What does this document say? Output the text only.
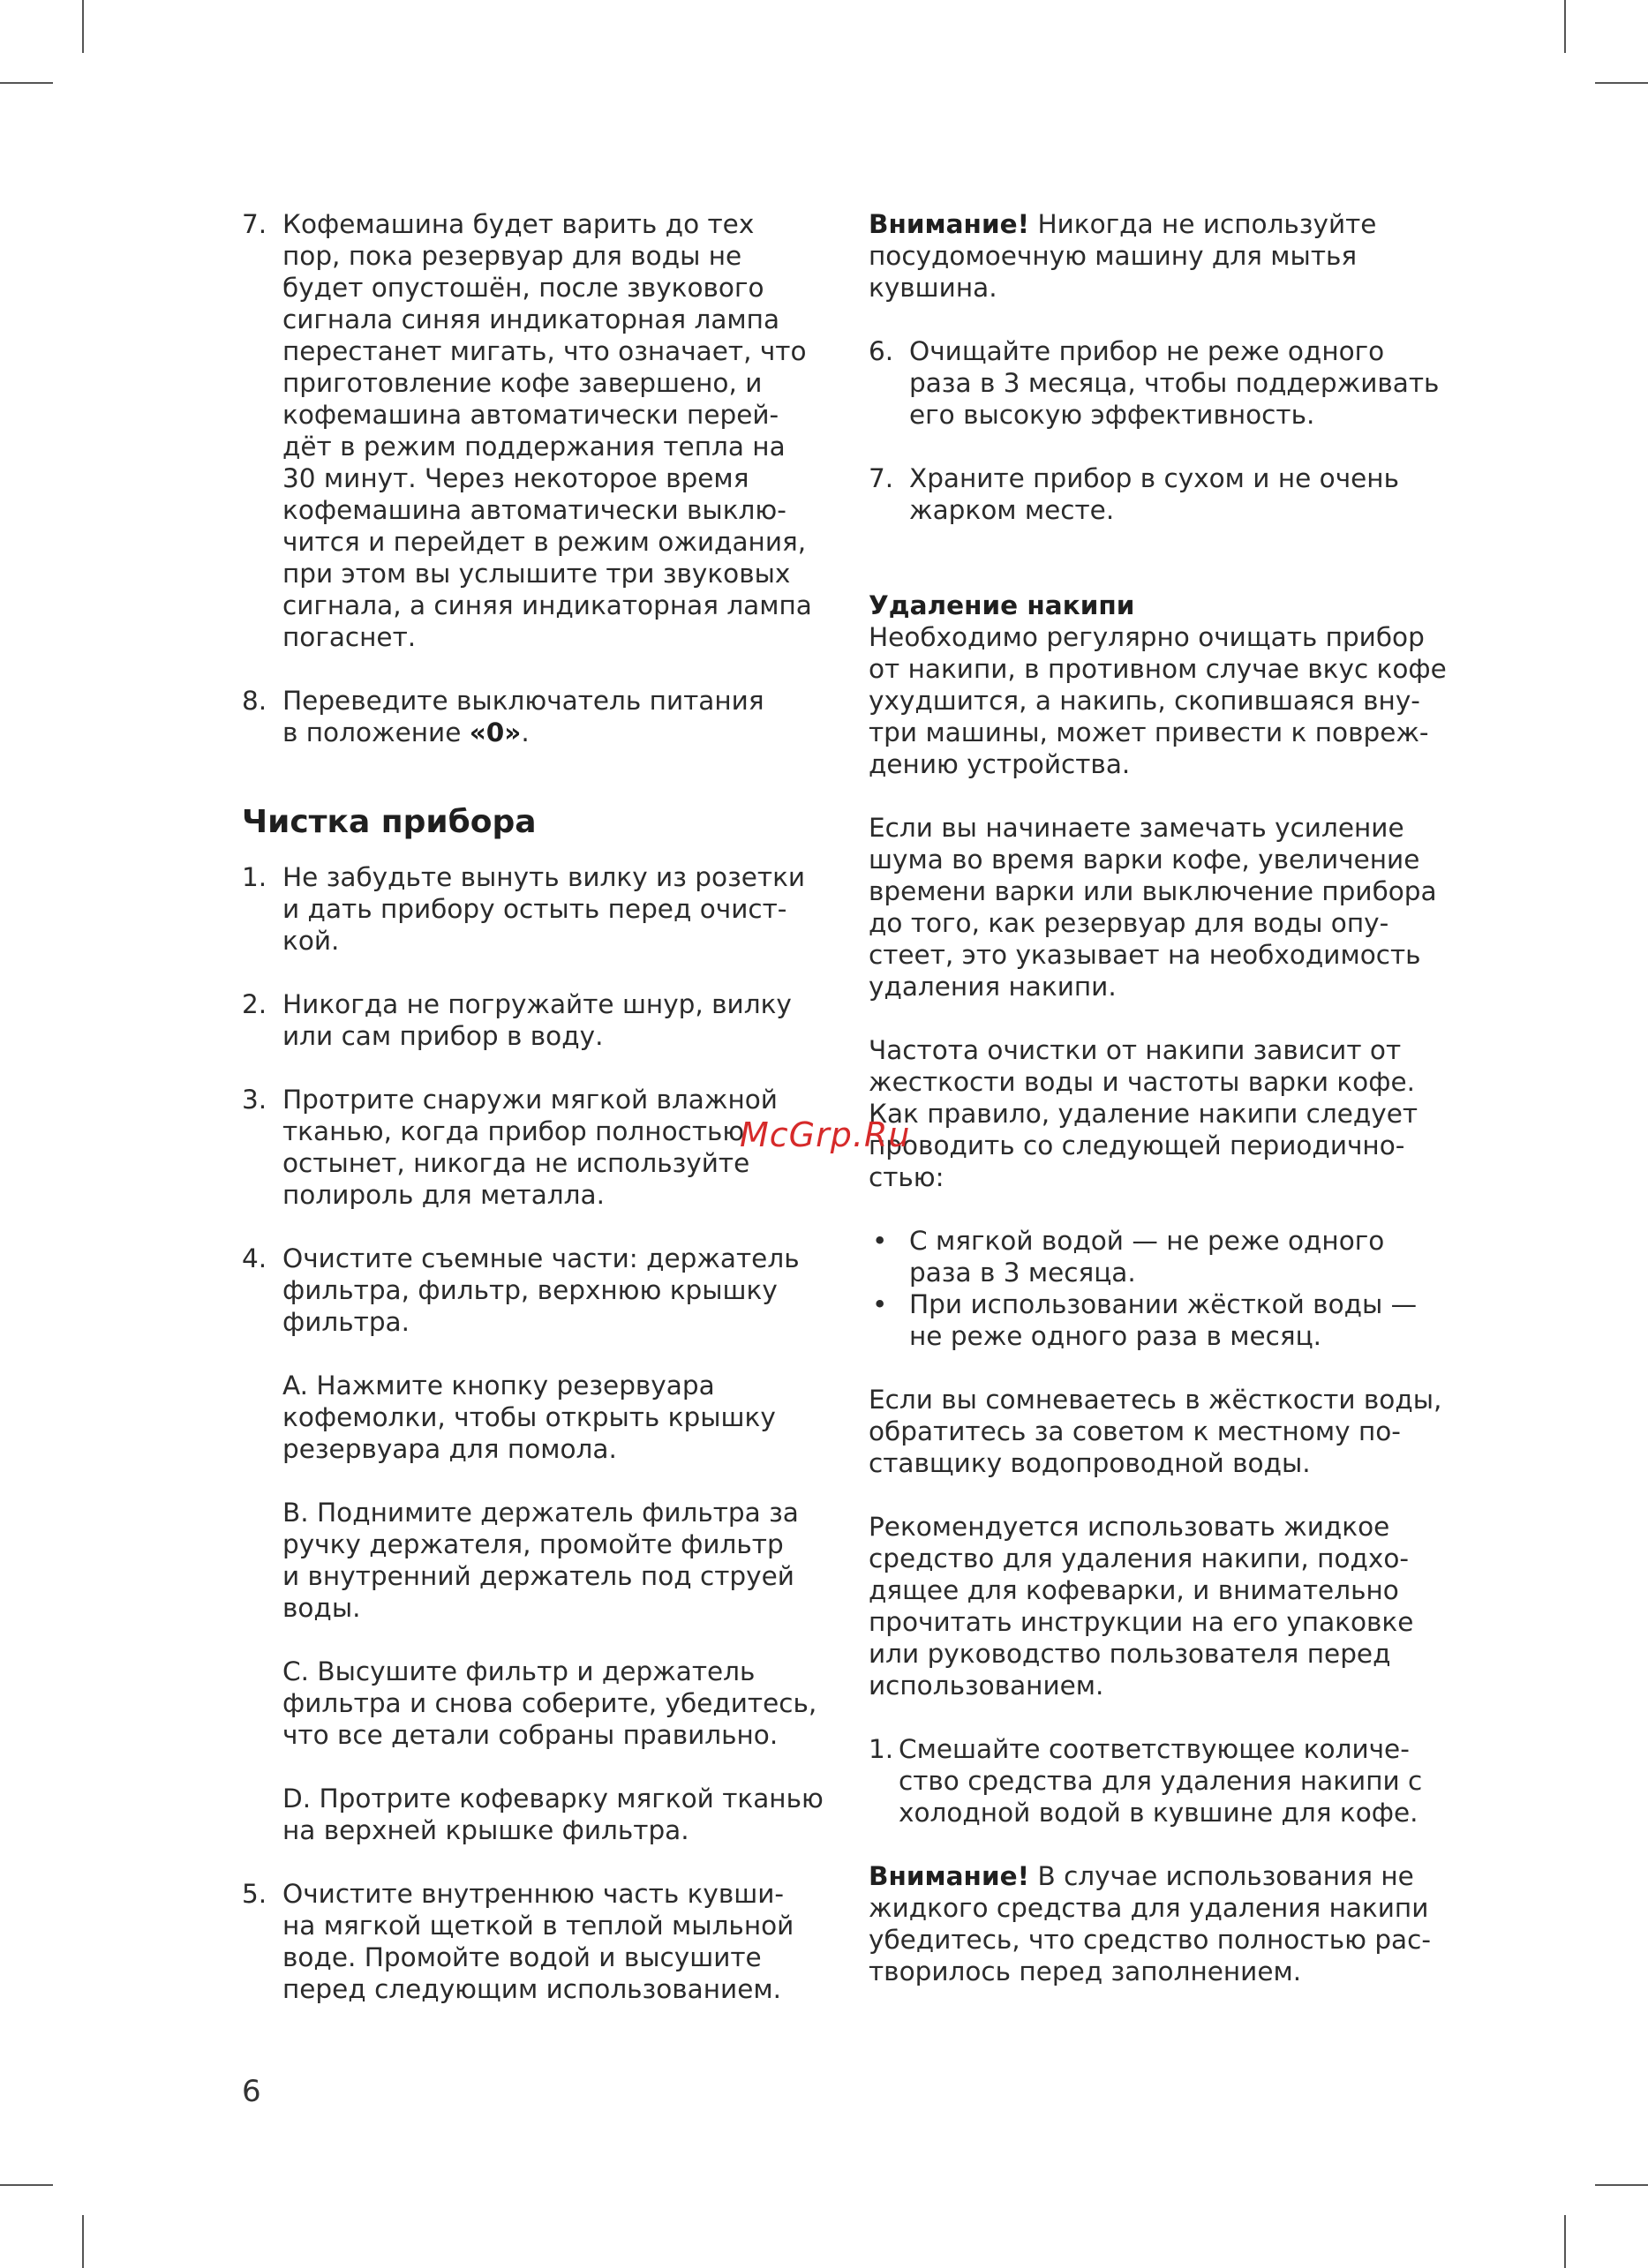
7. Кофемашина будет варить до тех

пор, пока резервуар для воды не

будет опустошён, после звукового

сигнала синяя индикаторная лампа

перестанет мигать, что означает, что

приготовление кофе завершено, и

кофемашина автоматически перей-

дёт в режим поддержания тепла на

30 минут. Через некоторое время

кофемашина автоматически выклю-

чится и перейдет в режим ожидания,

при этом вы услышите три звуковых

сигнала, а синяя индикаторная лампа

погаснет.

8. Переведите выключатель питания

в положение «0».

Чистка прибора
1. Не забудьте вынуть вилку из розетки

и дать прибору остыть перед очист-

кой.

2. Никогда не погружайте шнур, вилку

или сам прибор в воду.

3. Протрите снаружи мягкой влажной

тканью, когда прибор полностью

остынет, никогда не используйте

полироль для металла.

4. Очистите съемные части: держатель

фильтра, фильтр, верхнюю крышку

фильтра.

A. Нажмите кнопку резервуара

кофемолки, чтобы открыть крышку

резервуара для помола.

B. Поднимите держатель фильтра за

ручку держателя, промойте фильтр

и внутренний держатель под струей

воды.

C. Высушите фильтр и держатель

фильтра и снова соберите, убедитесь,

что все детали собраны правильно.

D. Протрите кофеварку мягкой тканью

на верхней крышке фильтра.

5. Очистите внутреннюю часть кувши-

на мягкой щеткой в теплой мыльной

воде. Промойте водой и высушите

перед следующим использованием.

Внимание! Никогда не используйте

посудомоечную машину для мытья

кувшина.

6. Очищайте прибор не реже одного

раза в 3 месяца, чтобы поддерживать

его высокую эффективность.

7. Храните прибор в сухом и не очень

жарком месте.

Удаление накипи

Необходимо регулярно очищать прибор

от накипи, в противном случае вкус кофе

ухудшится, а накипь, скопившаяся вну-

три машины, может привести к повреж-

дению устройства.

Если вы начинаете замечать усиление

шума во время варки кофе, увеличение

времени варки или выключение прибора

до того, как резервуар для воды опу-

стеет, это указывает на необходимость

удаления накипи.

Частота очистки от накипи зависит от

жесткости воды и частоты варки кофе.

Как правило, удаление накипи следует

проводить со следующей периодично-

стью:

• С мягкой водой — не реже одного

раза в 3 месяца.

• При использовании жёсткой воды —

не реже одного раза в месяц.

Если вы сомневаетесь в жёсткости воды,

обратитесь за советом к местному по-

ставщику водопроводной воды.

Рекомендуется использовать жидкое

средство для удаления накипи, подхо-

дящее для кофеварки, и внимательно

прочитать инструкции на его упаковке

или руководство пользователя перед

использованием.

1. Смешайте соответствующее количе-

ство средства для удаления накипи с

холодной водой в кувшине для кофе.

Внимание! В случае использования не

жидкого средства для удаления накипи

убедитесь, что средство полностью рас-

творилось перед заполнением.

McGrp.Ru
6
